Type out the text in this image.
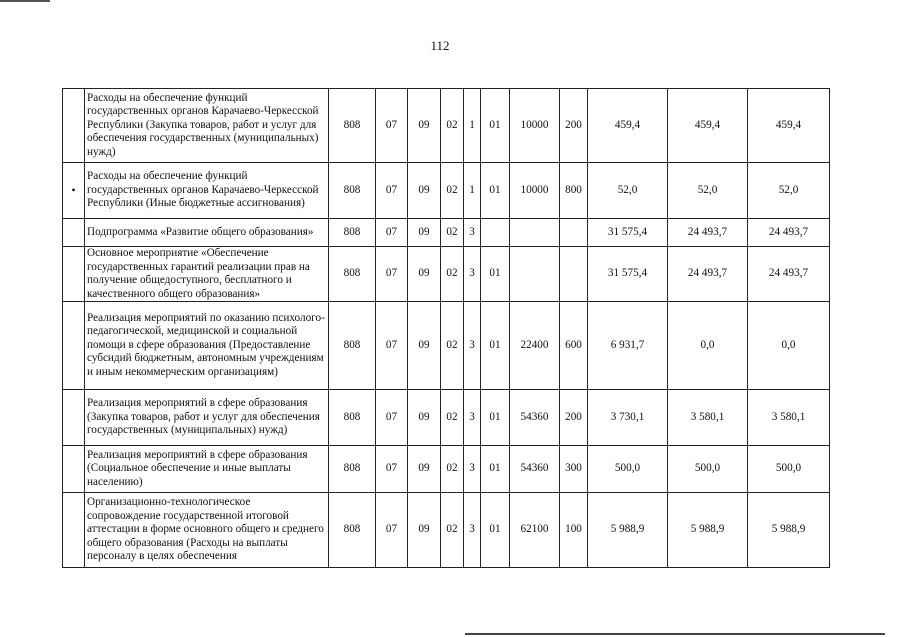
112
	Расходы на обеспечение функций государственных органов Карачаево-Черкесской Республики (Закупка товаров, работ и услуг для обеспечения государственных (муниципальных) нужд)	808	07	09	02	1	01	10000	200	459,4	459,4	459,4
•	Расходы на обеспечение функций государственных органов Карачаево-Черкесской Республики (Иные бюджетные ассигнования)	808	07	09	02	1	01	10000	800	52,0	52,0	52,0
	Подпрограмма «Развитие общего образования»	808	07	09	02	3				31 575,4	24 493,7	24 493,7
	Основное мероприятие «Обеспечение государственных гарантий реализации прав на получение общедоступного, бесплатного и качественного общего образования»	808	07	09	02	3	01			31 575,4	24 493,7	24 493,7
	Реализация мероприятий по оказанию психолого-педагогической, медицинской и социальной помощи в сфере образования (Предоставление субсидий бюджетным, автономным учреждениям и иным некоммерческим организациям)	808	07	09	02	3	01	22400	600	6 931,7	0,0	0,0
	Реализация мероприятий в сфере образования (Закупка товаров, работ и услуг для обеспечения государственных (муниципальных) нужд)	808	07	09	02	3	01	54360	200	3 730,1	3 580,1	3 580,1
	Реализация мероприятий в сфере образования (Социальное обеспечение и иные выплаты населению)	808	07	09	02	3	01	54360	300	500,0	500,0	500,0
	Организационно-технологическое сопровождение государственной итоговой аттестации в форме основного общего и среднего общего образования (Расходы на выплаты персоналу в целях обеспечения	808	07	09	02	3	01	62100	100	5 988,9	5 988,9	5 988,9
